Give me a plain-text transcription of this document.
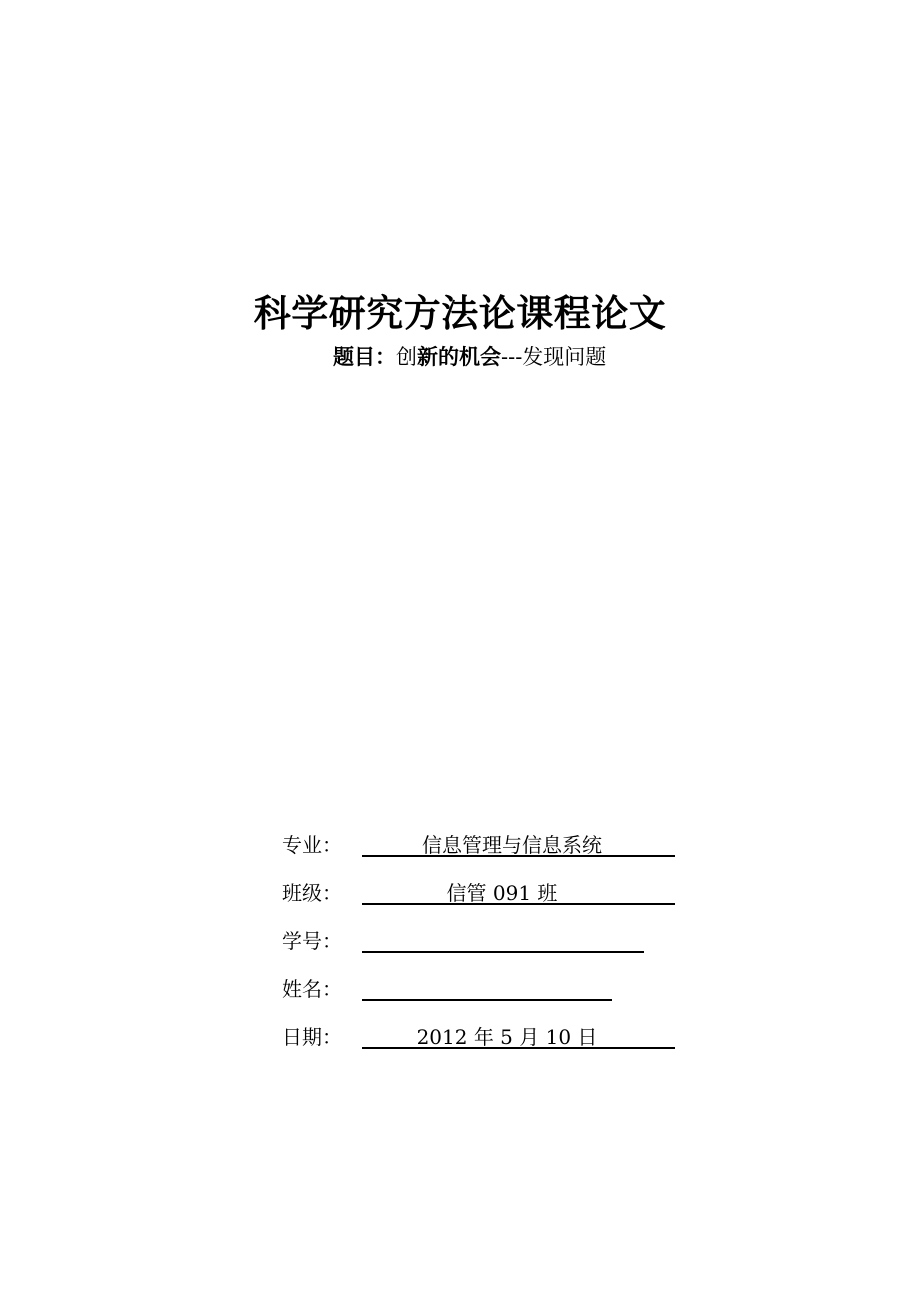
科学研究方法论课程论文
题目：创新的机会---发现问题
专业：	信息管理与信息系统
班级：	信管 091 班
学号：
姓名：
日期：	2012 年 5 月 10 日
